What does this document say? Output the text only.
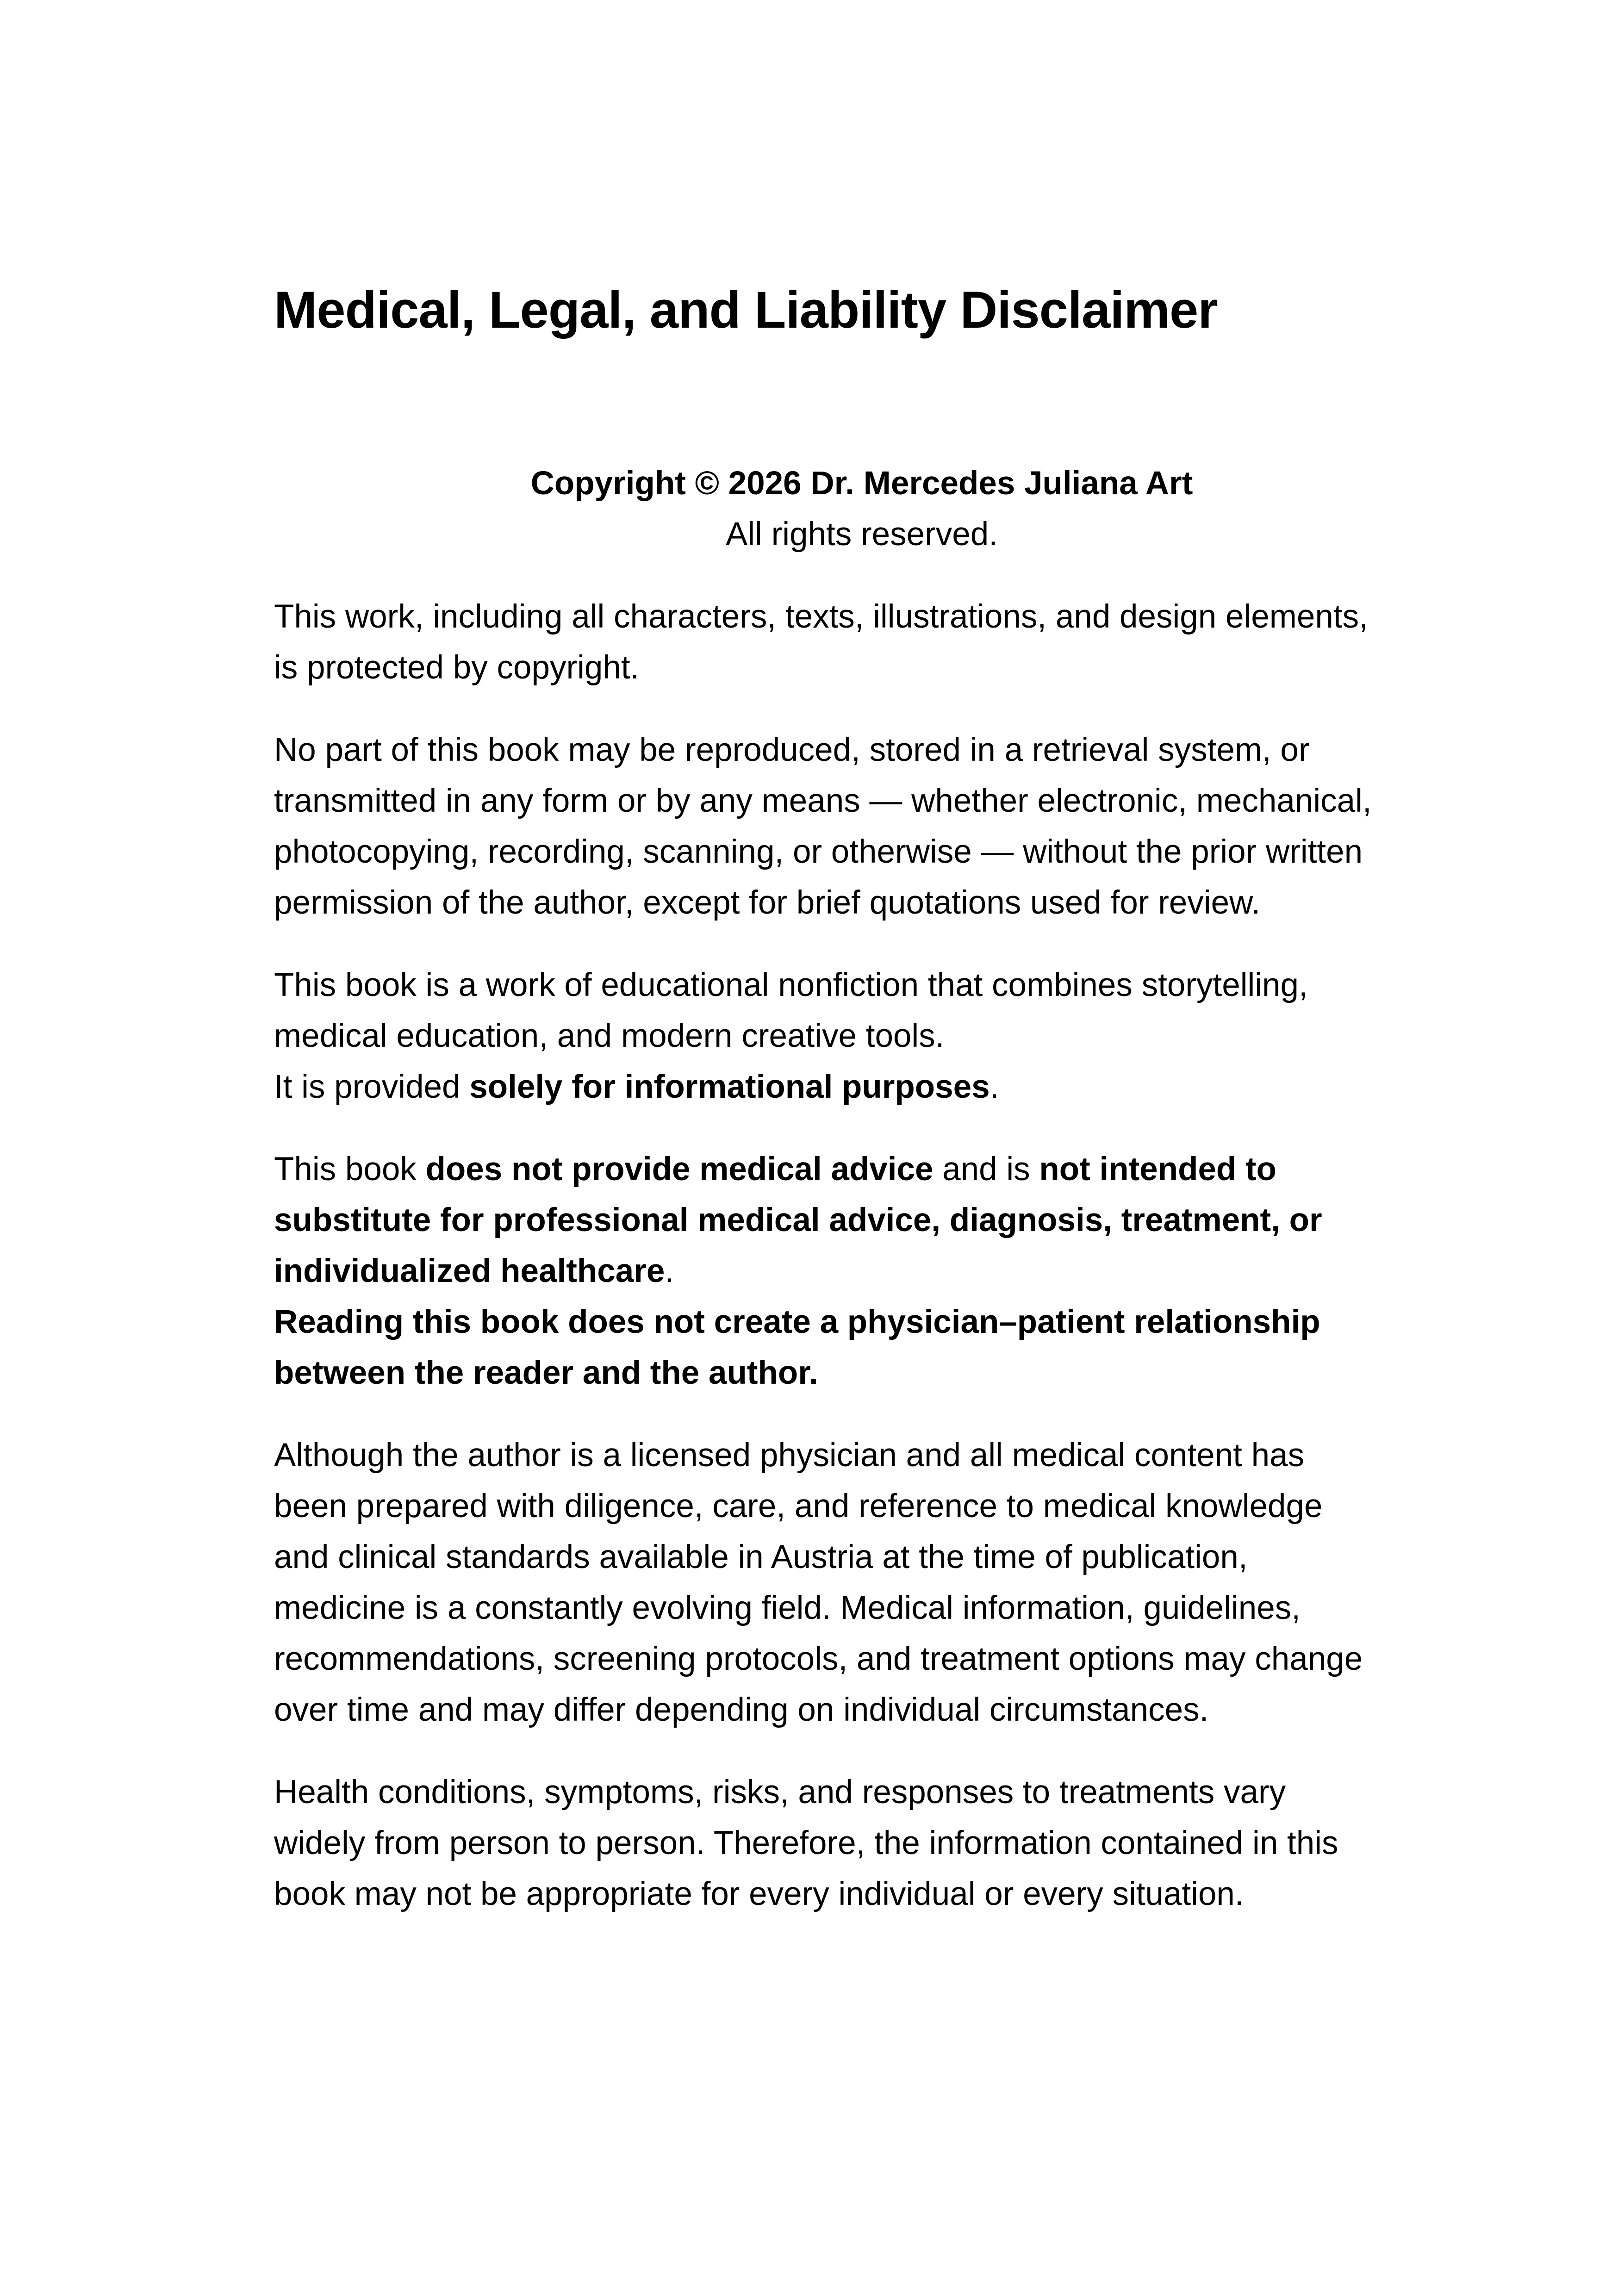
Medical, Legal, and Liability Disclaimer

Copyright © 2026 Dr. Mercedes Juliana Art

All rights reserved.

This work, including all characters, texts, illustrations, and design elements, is protected by copyright.

No part of this book may be reproduced, stored in a retrieval system, or transmitted in any form or by any means — whether electronic, mechanical, photocopying, recording, scanning, or otherwise — without the prior written permission of the author, except for brief quotations used for review.

This book is a work of educational nonfiction that combines storytelling, medical education, and modern creative tools.
It is provided solely for informational purposes.

This book does not provide medical advice and is not intended to substitute for professional medical advice, diagnosis, treatment, or individualized healthcare.
Reading this book does not create a physician–patient relationship between the reader and the author.

Although the author is a licensed physician and all medical content has been prepared with diligence, care, and reference to medical knowledge and clinical standards available in Austria at the time of publication, medicine is a constantly evolving field. Medical information, guidelines, recommendations, screening protocols, and treatment options may change over time and may differ depending on individual circumstances.

Health conditions, symptoms, risks, and responses to treatments vary widely from person to person. Therefore, the information contained in this book may not be appropriate for every individual or every situation.
